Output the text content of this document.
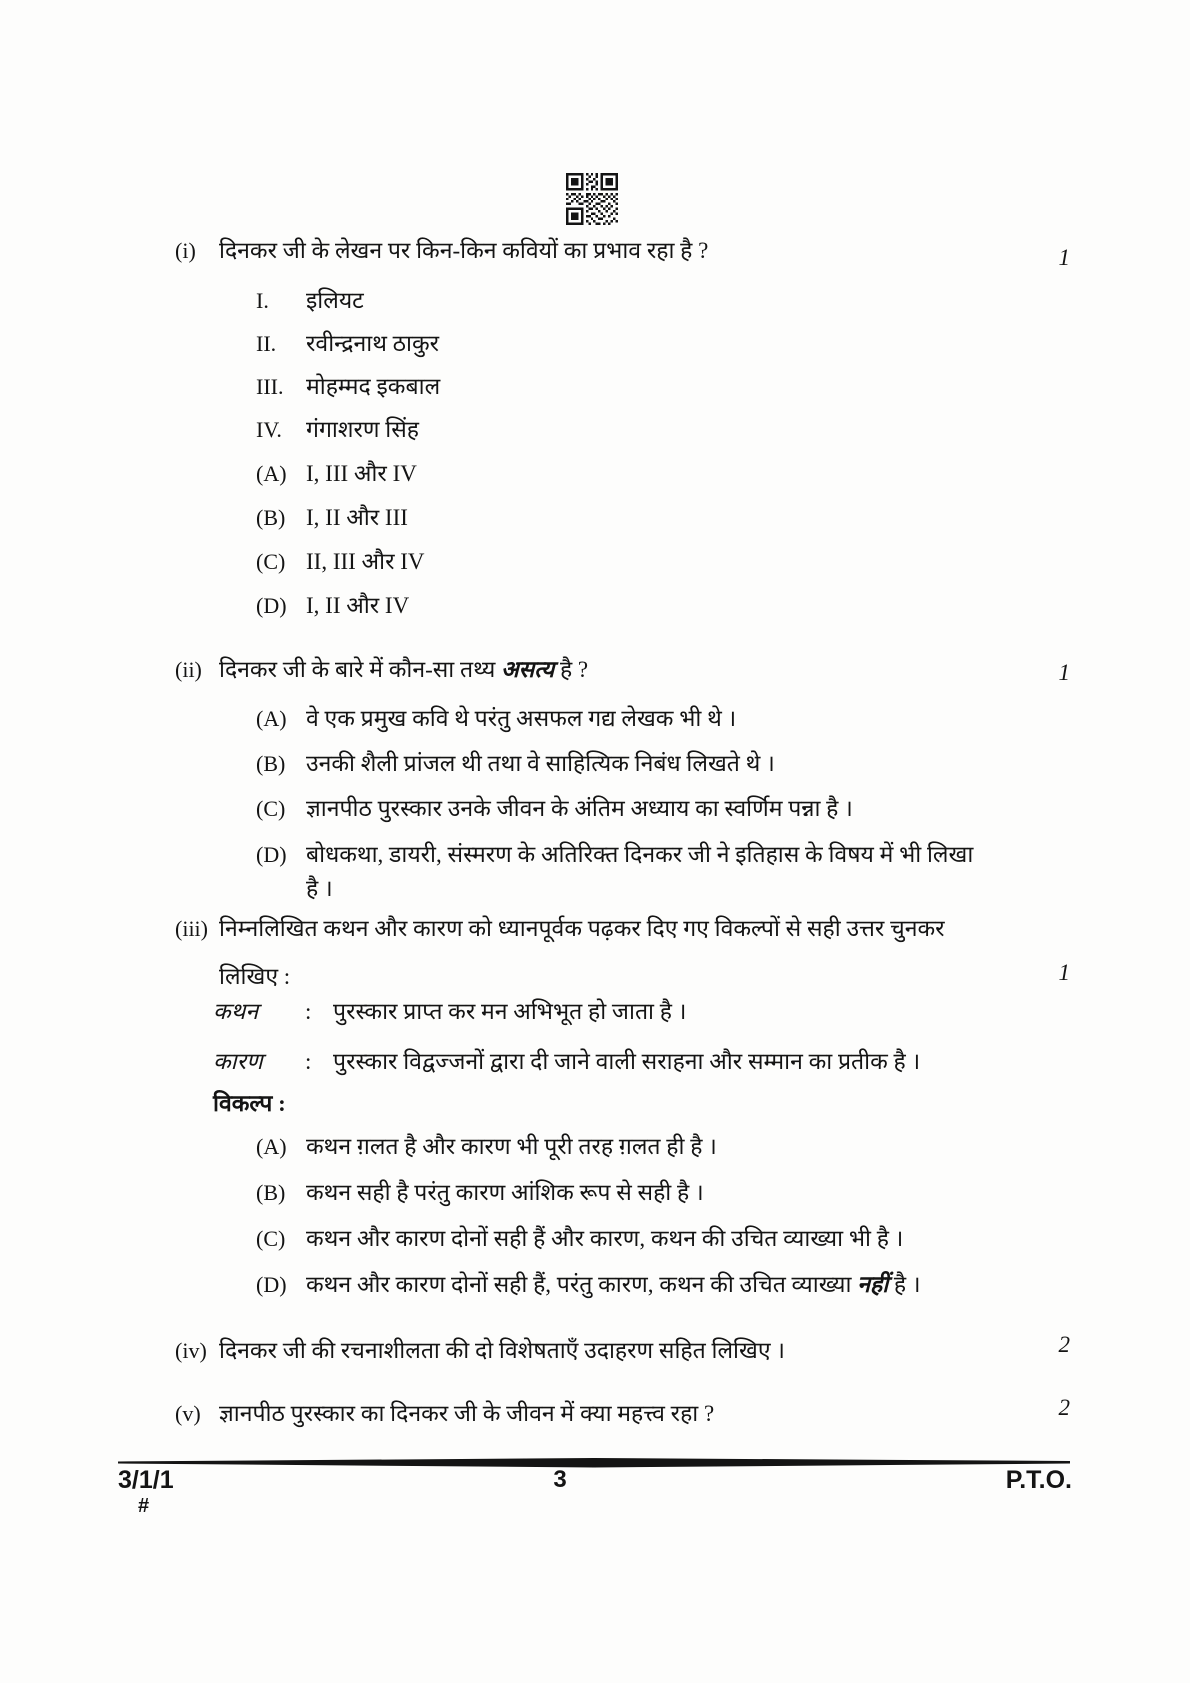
(i)	दिनकर जी के लेखन पर किन-किन कवियों का प्रभाव रहा है ?	1
I.	इलियट
II.	रवीन्द्रनाथ ठाकुर
III. मोहम्मद इकबाल
IV.	गंगाशरण सिंह
(A) I, III और IV
(B) I, II और III
(C) II, III और IV
(D) I, II और IV
(ii) दिनकर जी के बारे में कौन-सा तथ्य असत्य है ?	1
(A) वे एक प्रमुख कवि थे परंतु असफल गद्य लेखक भी थे ।
(B) उनकी शैली प्रांजल थी तथा वे साहित्यिक निबंध लिखते थे ।
(C) ज्ञानपीठ पुरस्कार उनके जीवन के अंतिम अध्याय का स्वर्णिम पन्ना है ।
(D) बोधकथा, डायरी, संस्मरण के अतिरिक्त दिनकर जी ने इतिहास के विषय में भी लिखा
है ।
(iii) निम्नलिखित कथन और कारण को ध्यानपूर्वक पढ़कर दिए गए विकल्पों से सही उत्तर चुनकर
लिखिए :	1
कथन	: पुरस्कार प्राप्त कर मन अभिभूत हो जाता है ।
कारण	: पुरस्कार विद्वज्जनों द्वारा दी जाने वाली सराहना और सम्मान का प्रतीक है ।
विकल्प :
(A) कथन ग़लत है और कारण भी पूरी तरह ग़लत ही है ।
(B) कथन सही है परंतु कारण आंशिक रूप से सही है ।
(C) कथन और कारण दोनों सही हैं और कारण, कथन की उचित व्याख्या भी है ।
(D) कथन और कारण दोनों सही हैं, परंतु कारण, कथन की उचित व्याख्या नहीं है ।
(iv) दिनकर जी की रचनाशीलता की दो विशेषताएँ उदाहरण सहित लिखिए ।	2
(v) ज्ञानपीठ पुरस्कार का दिनकर जी के जीवन में क्या महत्त्व रहा ?	2
3/1/1
#
3	P.T.O.
